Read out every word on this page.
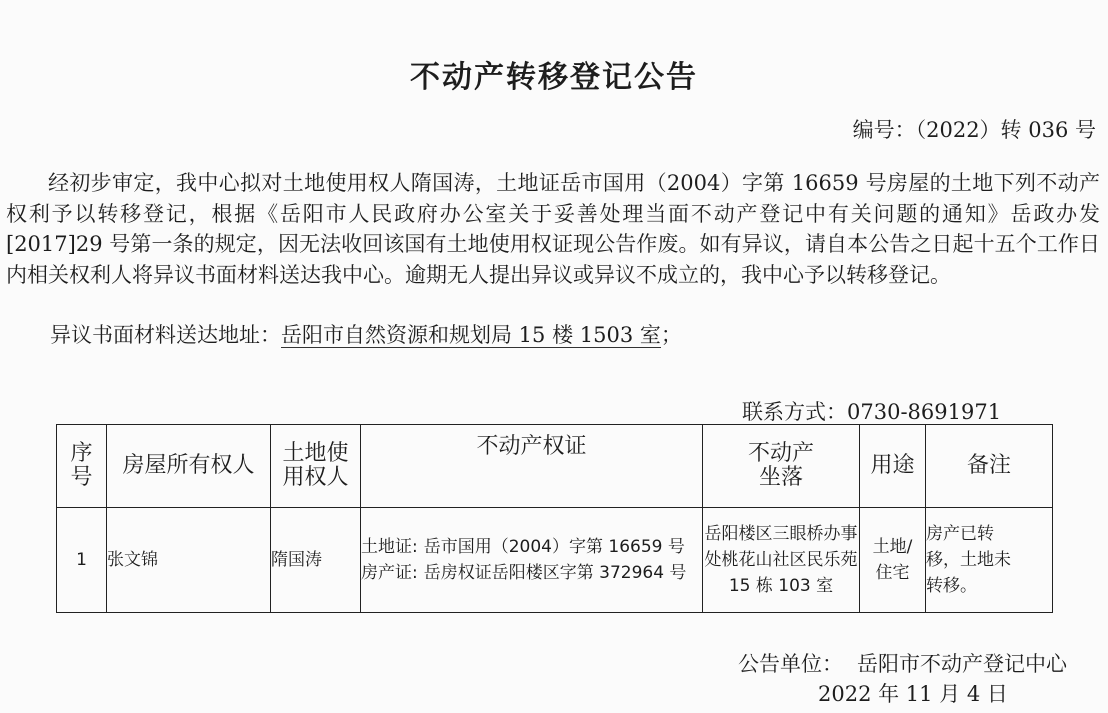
不动产转移登记公告
编号：（2022）转 036 号

经初步审定，我中心拟对土地使用权人隋国涛，土地证岳市国用（2004）字第 16659 号房屋的土地下列不动产权利予以转移登记，根据《岳阳市人民政府办公室关于妥善处理当面不动产登记中有关问题的通知》岳政办发[2017]29 号第一条的规定，因无法收回该国有土地使用权证现公告作废。如有异议，请自本公告之日起十五个工作日内相关权利人将异议书面材料送达我中心。逾期无人提出异议或异议不成立的，我中心予以转移登记。

异议书面材料送达地址：岳阳市自然资源和规划局 15 楼 1503 室；
联系方式：0730-8691971
序号	房屋所有权人	土地使用权人	不动产权证	不动产坐落	用途	备注
1	张文锦	隋国涛	土地证: 岳市国用（2004）字第 16659 号
房产证: 岳房权证岳阳楼区字第 372964 号	岳阳楼区三眼桥办事处桃花山社区民乐苑 15 栋 103 室	土地/住宅	房产已转移，土地未转移。
公告单位： 岳阳市不动产登记中心
2022 年 11 月 4 日
